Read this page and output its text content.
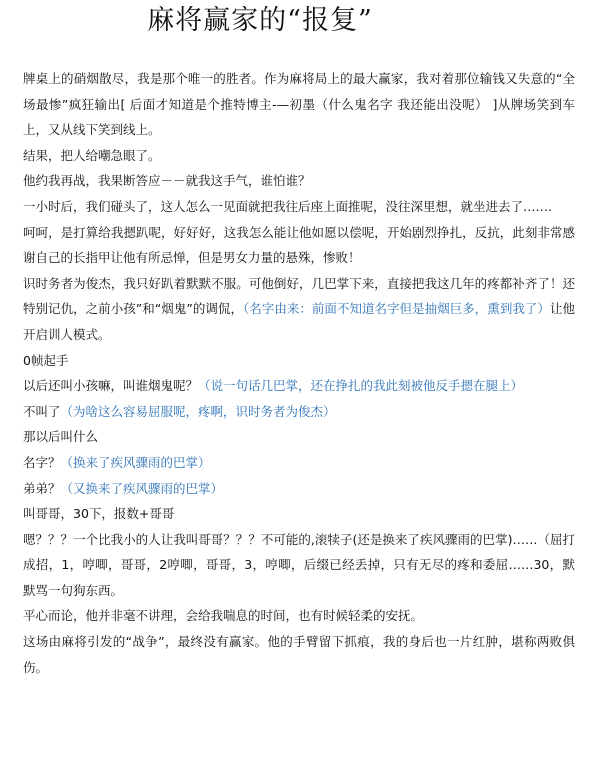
麻将赢家的“报复”

牌桌上的硝烟散尽，我是那个唯一的胜者。作为麻将局上的最大赢家，我对着那位输钱又失意的“全场最惨”疯狂输出[ 后面才知道是个推特博主-—初墨（什么鬼名字 我还能出没呢） ]从牌场笑到车上，又从线下笑到线上。

结果，把人给嘲急眼了。

他约我再战，我果断答应－－就我这手气，谁怕谁？

一小时后，我们碰头了，这人怎么一见面就把我往后座上面推呢，没往深里想，就坐进去了…….

呵呵，是打算给我摁趴呢，好好好，这我怎么能让他如愿以偿呢，开始剧烈挣扎，反抗，此刻非常感谢自己的长指甲让他有所忌惮，但是男女力量的悬殊，惨败！

识时务者为俊杰，我只好趴着默默不服。可他倒好，几巴掌下来，直接把我这几年的疼都补齐了！还特别记仇，之前小孩”和“烟鬼”的调侃，（名字由来：前面不知道名字但是抽烟巨多，熏到我了）让他开启训人模式。

0帧起手

以后还叫小孩嘛，叫谁烟鬼呢？（说一句话几巴掌，还在挣扎的我此刻被他反手摁在腿上）

不叫了（为啥这么容易屈服呢，疼啊，识时务者为俊杰）

那以后叫什么

名字？（换来了疾风骤雨的巴掌）

弟弟？（又换来了疾风骤雨的巴掌）

叫哥哥，30下，报数+哥哥

嗯？？？一个比我小的人让我叫哥哥？？？不可能的,滚犊子(还是换来了疾风骤雨的巴掌)……（屈打成招，1，哼唧，哥哥，2哼唧，哥哥，3，哼唧，后缀已经丢掉，只有无尽的疼和委屈……30，默默骂一句狗东西。

平心而论，他并非毫不讲理，会给我喘息的时间，也有时候轻柔的安抚。

这场由麻将引发的“战争”，最终没有赢家。他的手臂留下抓痕，我的身后也一片红肿，堪称两败俱伤。
